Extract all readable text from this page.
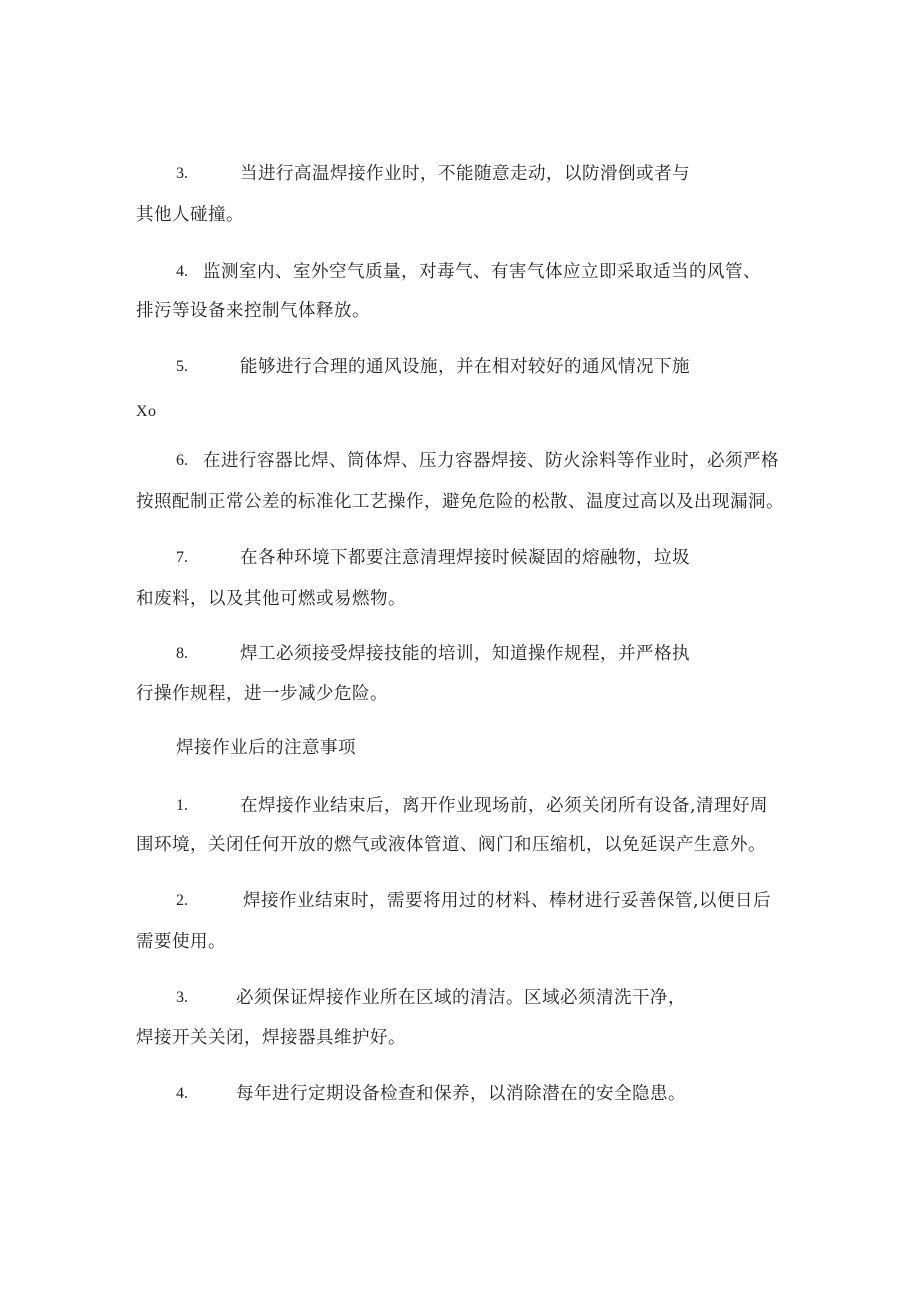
3.	当进行高温焊接作业时，不能随意走动，以防滑倒或者与
其他人碰撞。
4. 监测室内、室外空气质量，对毒气、有害气体应立即采取适当的风管、
排污等设备来控制气体释放。
5.	能够进行合理的通风设施，并在相对较好的通风情况下施
Xo
6. 在进行容器比焊、筒体焊、压力容器焊接、防火涂料等作业时，必须严格
按照配制正常公差的标准化工艺操作，避免危险的松散、温度过高以及出现漏洞。
7.	在各种环境下都要注意清理焊接时候凝固的熔融物，垃圾
和废料，以及其他可燃或易燃物。
8.	焊工必须接受焊接技能的培训，知道操作规程，并严格执
行操作规程，进一步减少危险。
焊接作业后的注意事项
1.	在焊接作业结束后，离开作业现场前，必须关闭所有设备,清理好周
围环境，关闭任何开放的燃气或液体管道、阀门和压缩机，以免延误产生意外。
2.	焊接作业结束时，需要将用过的材料、棒材进行妥善保管,以便日后
需要使用。
3.	必须保证焊接作业所在区域的清洁。区域必须清洗干净，
焊接开关关闭，焊接器具维护好。
4.	每年进行定期设备检查和保养，以消除潜在的安全隐患。
